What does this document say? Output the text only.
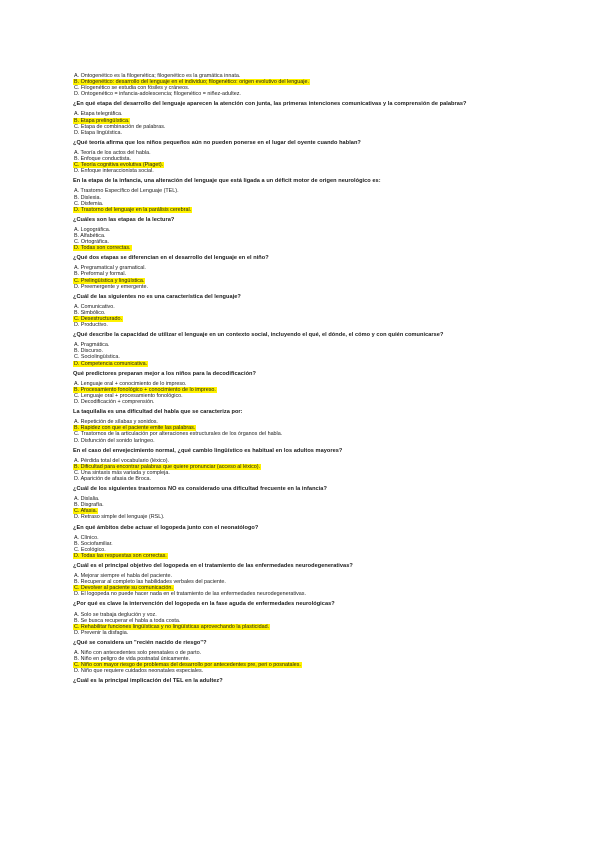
A. Ontogenético es la filogenética; filogenético es la gramática innata.
B. Ontogenético: desarrollo del lenguaje en el individuo; filogenético: origen evolutivo del lenguaje.
C. Filogenético se estudia con fósiles y cráneos.
D. Ontogenético = infancia-adolescencia; filogenético = niñez-adultez.
¿En qué etapa del desarrollo del lenguaje aparecen la atención con junta, las primeras intenciones comunicativas y la comprensión de palabras?
A. Etapa telegráfica.
B. Etapa prelingüística.
C. Etapa de combinación de palabras.
D. Etapa lingüística.
¿Qué teoría afirma que los niños pequeños aún no pueden ponerse en el lugar del oyente cuando hablan?
A. Teoría de los actos del habla.
B. Enfoque conductista.
C. Teoría cognitiva evolutiva (Piaget).
D. Enfoque interaccionista social.
En la etapa de la infancia, una alteración del lenguaje que está ligada a un déficit motor de origen neurológico es:
A. Trastorno Específico del Lenguaje (TEL).
B. Dislexia.
C. Disfemia.
D. Trastorno del lenguaje en la parálisis cerebral.
¿Cuáles son las etapas de la lectura?
A. Logográfica.
B. Alfabética.
C. Ortográfica.
D. Todas son correctas.
¿Qué dos etapas se diferencian en el desarrollo del lenguaje en el niño?
A. Pregramatical y gramatical.
B. Preformal y formal.
C. Prelingüística y lingüística.
D. Preemergente y emergente.
¿Cuál de las siguientes no es una característica del lenguaje?
A. Comunicativo.
B. Simbólico.
C. Desestructurado.
D. Productivo.
¿Qué describe la capacidad de utilizar el lenguaje en un contexto social, incluyendo el qué, el dónde, el cómo y con quién comunicarse?
A. Pragmática.
B. Discurso.
C. Sociolingüística.
D. Competencia comunicativa.
Qué predictores preparan mejor a los niños para la decodificación?
A. Lenguaje oral + conocimiento de lo impreso.
B. Procesamiento fonológico + conocimiento de lo impreso.
C. Lenguaje oral + procesamiento fonológico.
D. Decodificación + comprensión.
La taquilalia es una dificultad del habla que se caracteriza por:
A. Repetición de sílabas y sonidos.
B. Rapidez con que el paciente emite las palabras.
C. Trastornos de la articulación por alteraciones estructurales de los órganos del habla.
D. Disfunción del sonido laríngeo.
En el caso del envejecimiento normal, ¿qué cambio lingüístico es habitual en los adultos mayores?
A. Pérdida total del vocabulario (léxico).
B. Dificultad para encontrar palabras que quiere pronunciar (acceso al léxico).
C. Una sintaxis más variada y compleja.
D. Aparición de afasia de Broca.
¿Cuál de los siguientes trastornos NO es considerado una dificultad frecuente en la infancia?
A. Dislalia.
B. Disgrafía.
C. Afasia.
D. Retraso simple del lenguaje (RSL).
¿En qué ámbitos debe actuar el logopeda junto con el neonatólogo?
A. Clínico.
B. Sociofamiliar.
C. Ecológico.
D. Todas las respuestas son correctas.
¿Cuál es el principal objetivo del logopeda en el tratamiento de las enfermedades neurodegenerativas?
A. Mejorar siempre el habla del paciente.
B. Recuperar al completo las habilidades verbales del paciente.
C. Devolver al paciente su comunicación.
D. El logopeda no puede hacer nada en el tratamiento de las enfermedades neurodegenerativas.
¿Por qué es clave la intervención del logopeda en la fase aguda de enfermedades neurológicas?
A. Solo se trabaja deglución y voz.
B. Se busca recuperar el habla a toda costa.
C. Rehabilitar funciones lingüísticas y no lingüísticas aprovechando la plasticidad.
D. Prevenir la disfagia.
¿Qué se considera un "recién nacido de riesgo"?
A. Niño con antecedentes solo prenatales o de parto.
B. Niño en peligro de vida postnatal únicamente.
C. Niño con mayor riesgo de problemas del desarrollo por antecedentes pre, peri o posnatales.
D. Niño que requiere cuidados neonatales especiales.
¿Cuál es la principal implicación del TEL en la adultez?
